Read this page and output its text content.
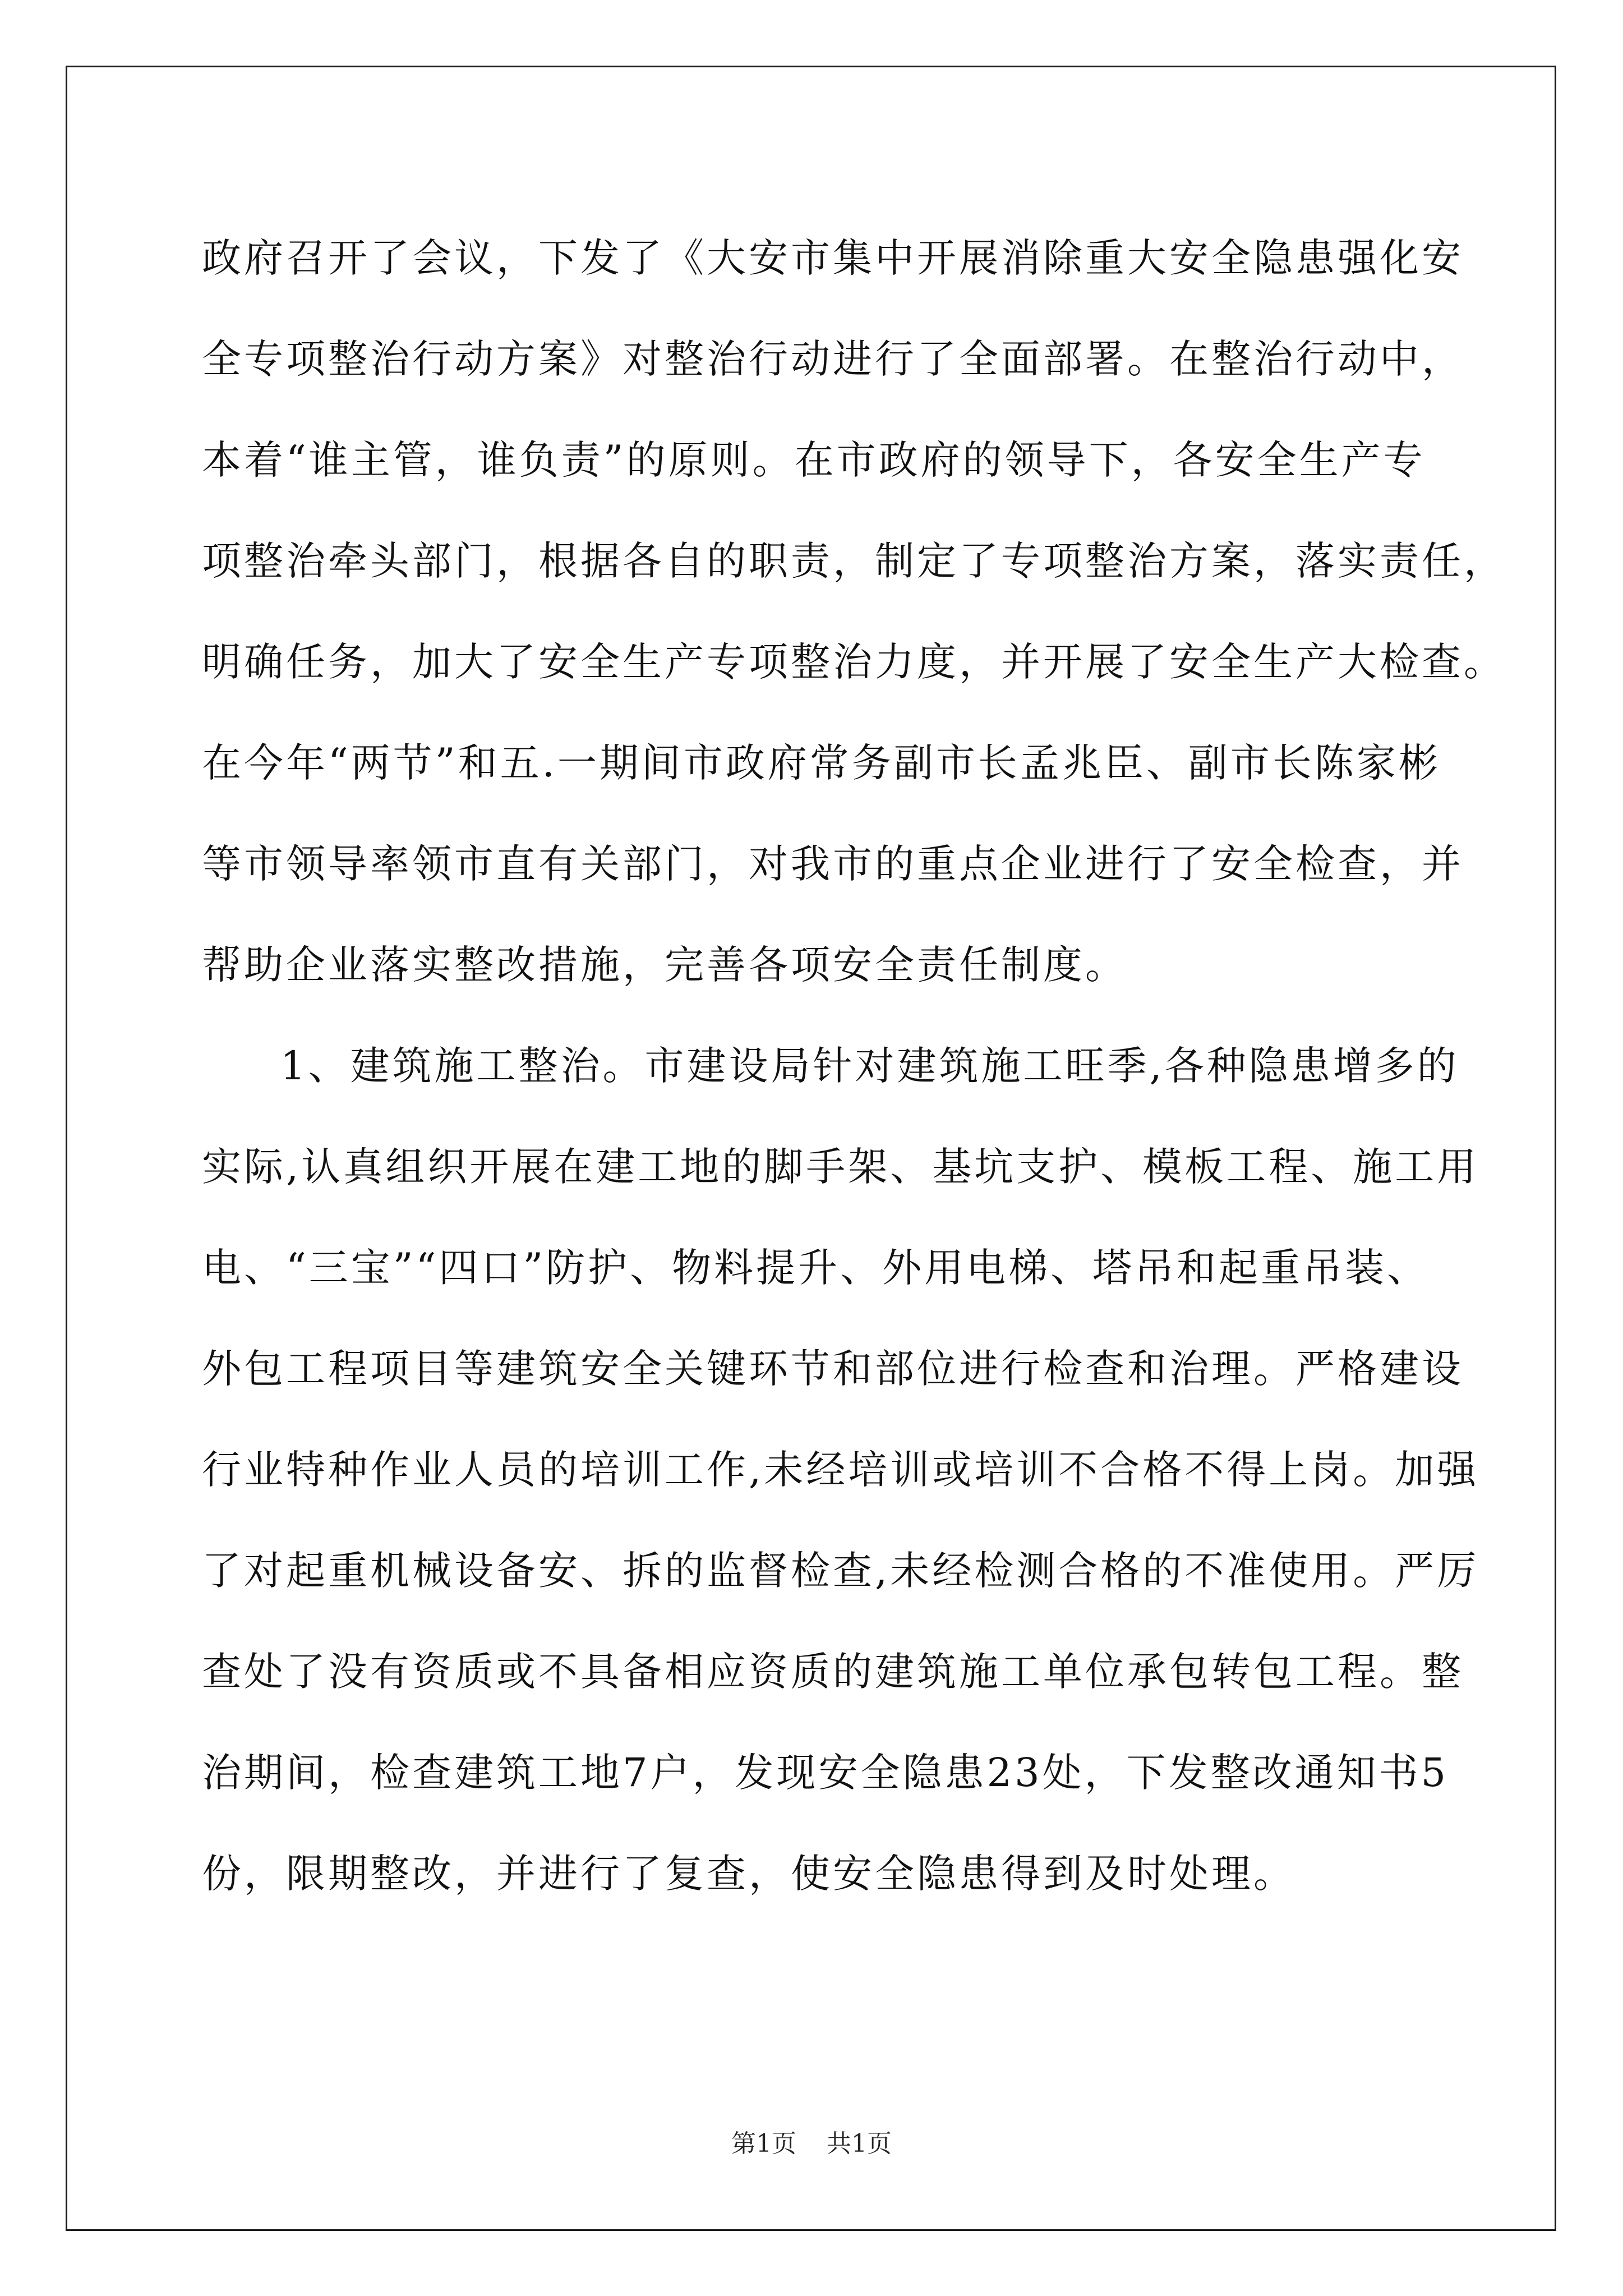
政府召开了会议，下发了《大安市集中开展消除重大安全隐患强化安

全专项整治行动方案》对整治行动进行了全面部署。在整治行动中，

本着“谁主管，谁负责”的原则。在市政府的领导下，各安全生产专

项整治牵头部门，根据各自的职责，制定了专项整治方案，落实责任，

明确任务，加大了安全生产专项整治力度，并开展了安全生产大检查。

在今年“两节”和五.一期间市政府常务副市长孟兆臣、副市长陈家彬

等市领导率领市直有关部门，对我市的重点企业进行了安全检查，并

帮助企业落实整改措施，完善各项安全责任制度。

1、建筑施工整治。市建设局针对建筑施工旺季,各种隐患增多的

实际,认真组织开展在建工地的脚手架、基坑支护、模板工程、施工用

电、“三宝”“四口”防护、物料提升、外用电梯、塔吊和起重吊装、

外包工程项目等建筑安全关键环节和部位进行检查和治理。严格建设

行业特种作业人员的培训工作,未经培训或培训不合格不得上岗。加强

了对起重机械设备安、拆的监督检查,未经检测合格的不准使用。严厉

查处了没有资质或不具备相应资质的建筑施工单位承包转包工程。整

治期间，检查建筑工地7户，发现安全隐患23处，下发整改通知书5

份，限期整改，并进行了复查，使安全隐患得到及时处理。

第1页 共1页
